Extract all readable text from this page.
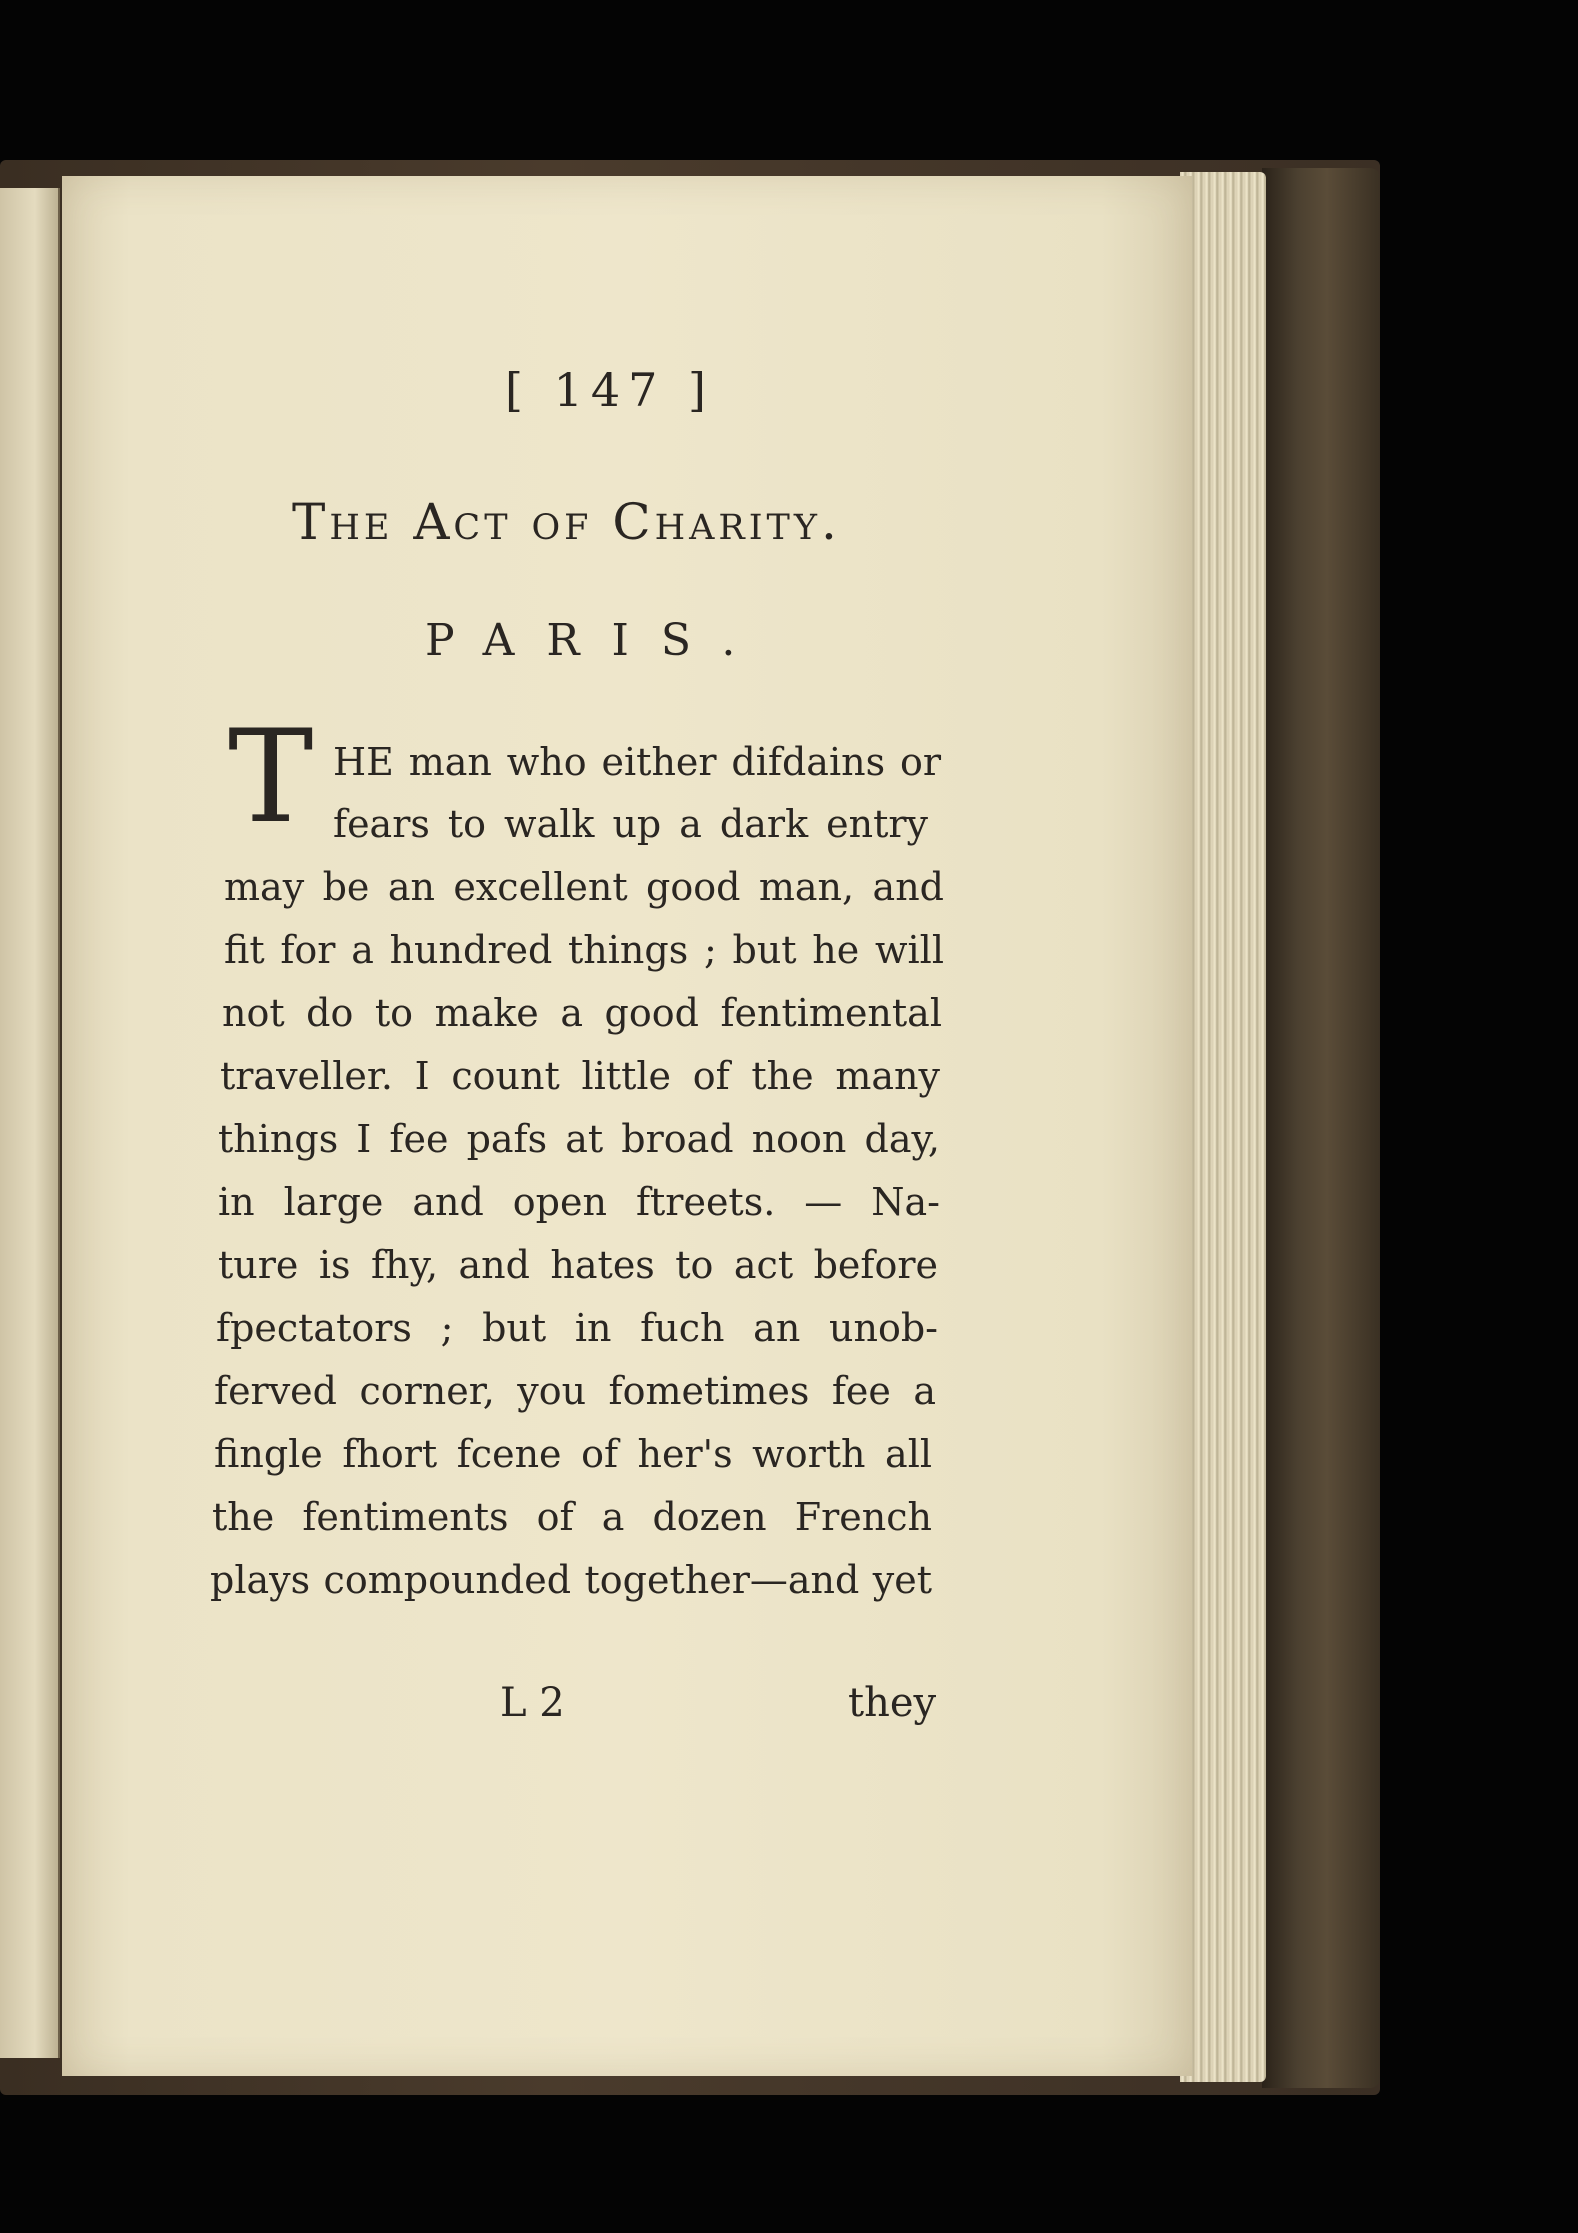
[ 147 ]
The Act of Charity.
PARIS.
T HE man who either difdains or
fears to walk up a dark entry
may be an excellent good man, and
fit for a hundred things ; but he will
not do to make a good fentimental
traveller. I count little of the many
things I fee pafs at broad noon day,
in large and open ftreets. — Na-
ture is fhy, and hates to act before
fpectators ; but in fuch an unob-
ferved corner, you fometimes fee a
fingle fhort fcene of her's worth all
the fentiments of a dozen French
plays compounded together—and yet
L 2	they
